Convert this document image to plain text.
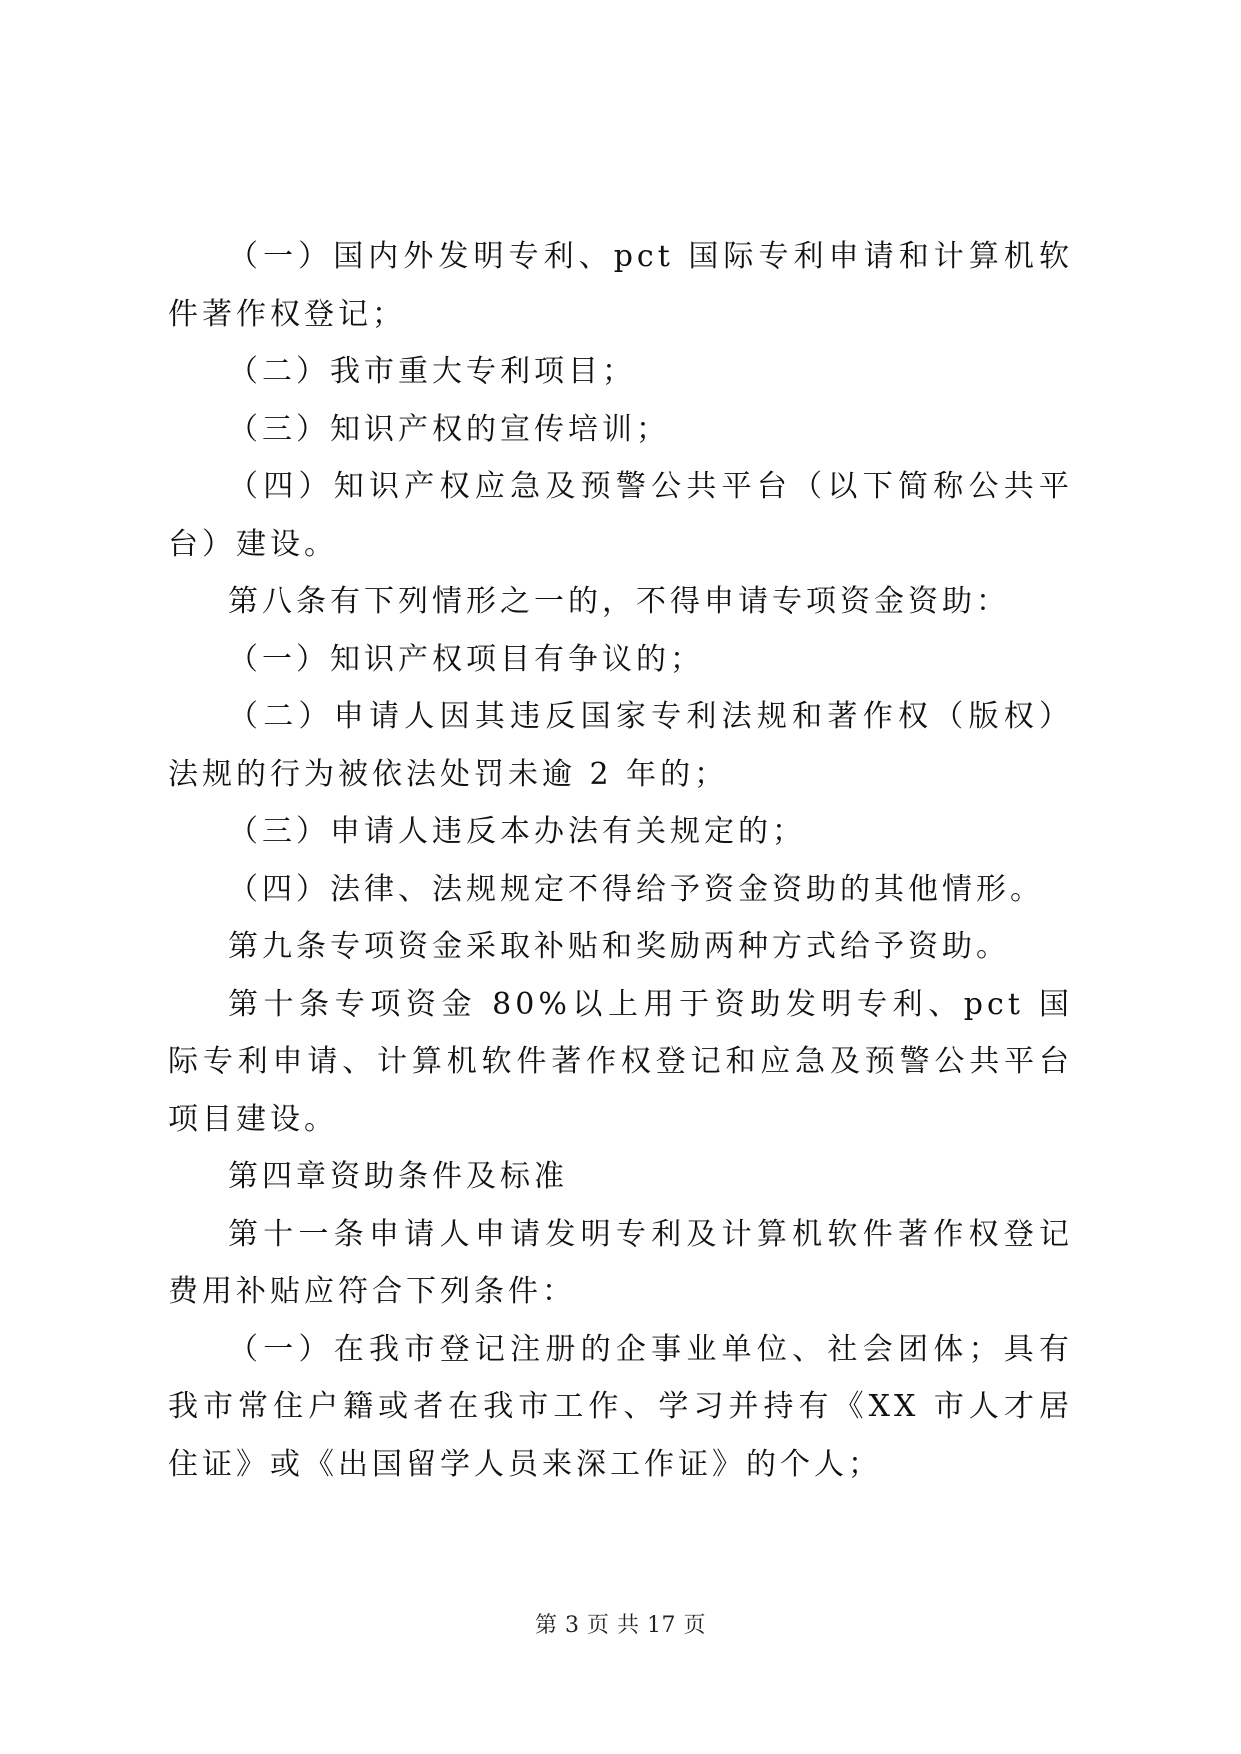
（一）国内外发明专利、pct 国际专利申请和计算机软件著作权登记；

（二）我市重大专利项目；

（三）知识产权的宣传培训；

（四）知识产权应急及预警公共平台（以下简称公共平台）建设。

第八条有下列情形之一的，不得申请专项资金资助：

（一）知识产权项目有争议的；

（二）申请人因其违反国家专利法规和著作权（版权）法规的行为被依法处罚未逾 2 年的；

（三）申请人违反本办法有关规定的；

（四）法律、法规规定不得给予资金资助的其他情形。

第九条专项资金采取补贴和奖励两种方式给予资助。

第十条专项资金 80%以上用于资助发明专利、pct 国际专利申请、计算机软件著作权登记和应急及预警公共平台项目建设。

第四章资助条件及标准

第十一条申请人申请发明专利及计算机软件著作权登记费用补贴应符合下列条件：

（一）在我市登记注册的企事业单位、社会团体；具有我市常住户籍或者在我市工作、学习并持有《XX 市人才居住证》或《出国留学人员来深工作证》的个人；

第 3 页 共 17 页
